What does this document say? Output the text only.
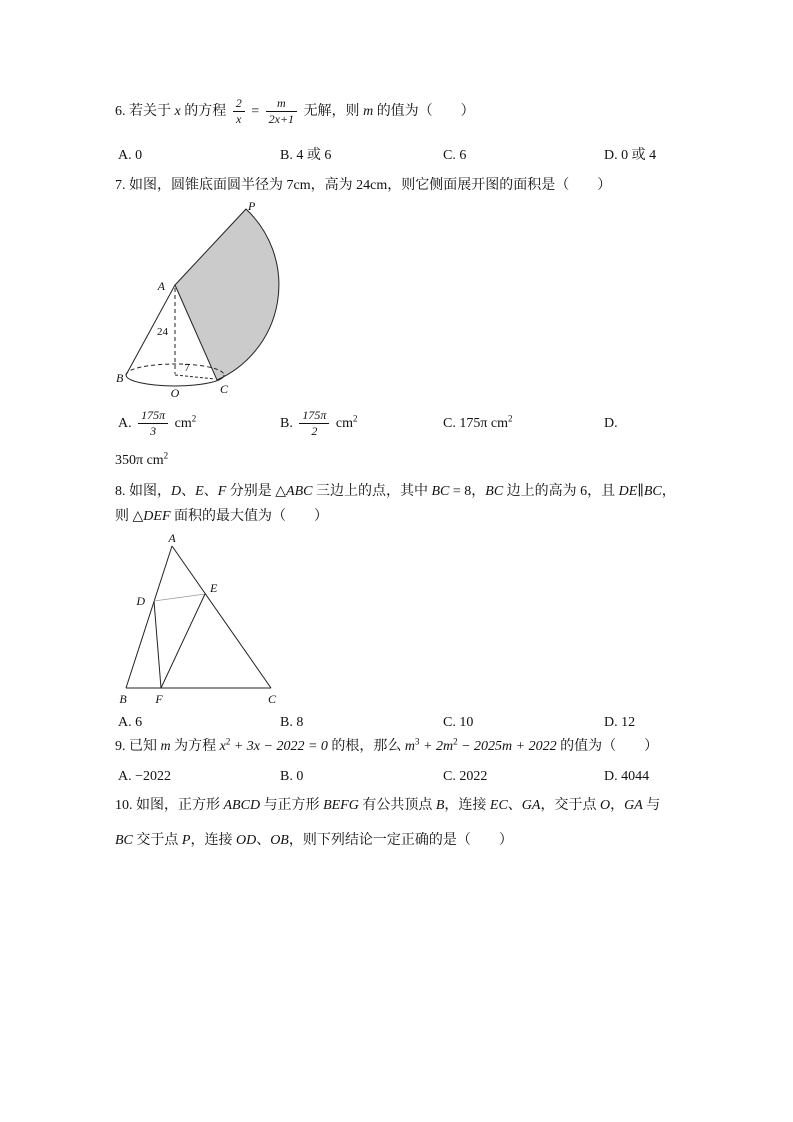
6. 若关于 x 的方程 $\frac{2}{x} = \frac{m}{2x+1}$ 无解，则 m 的值为（　　）
A. 0	B. 4 或 6	C. 6	D. 0 或 4
7. 如图，圆锥底面圆半径为 7cm，高为 24cm，则它侧面展开图的面积是（　　）
P
A
B
O	C
24
7
A. $\frac{175\pi}{3} cm^2$	B. $\frac{175\pi}{2} cm^2$	C. 175π $cm^2$	D.
350π $cm^2$
8. 如图，D、E、F 分别是 △ABC 三边上的点，其中 BC = 8，BC 边上的高为 6，且 DE∥BC，
则 △DEF 面积的最大值为（　　）
A
D
E
B F	C
A. 6	B. 8	C. 10	D. 12
9. 已知 m 为方程 $x^2 + 3x - 2022 = 0$ 的根，那么 $m^3 + 2m^2 - 2025m + 2022$ 的值为（　　）
A. −2022	B. 0	C. 2022	D. 4044
10. 如图，正方形 ABCD 与正方形 BEFG 有公共顶点 B，连接 EC、GA，交于点 O，GA 与
BC 交于点 P，连接 OD、OB，则下列结论一定正确的是（　　）
